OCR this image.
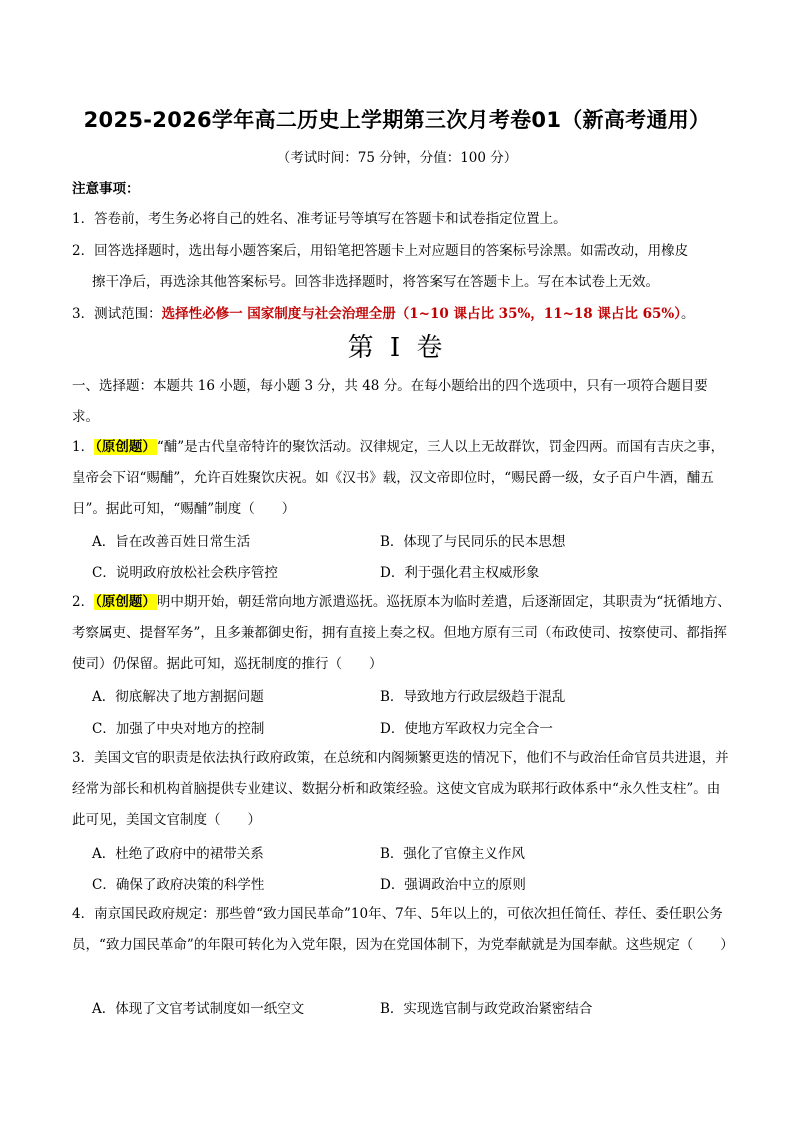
2025-2026学年高二历史上学期第三次月考卷01（新高考通用）
（考试时间：75 分钟，分值：100 分）
注意事项：
1．答卷前，考生务必将自己的姓名、准考证号等填写在答题卡和试卷指定位置上。
2．回答选择题时，选出每小题答案后，用铅笔把答题卡上对应题目的答案标号涂黑。如需改动，用橡皮
擦干净后，再选涂其他答案标号。回答非选择题时，将答案写在答题卡上。写在本试卷上无效。
3．测试范围：选择性必修一 国家制度与社会治理全册（1~10 课占比 35%，11~18 课占比 65%）。
第 I 卷
一、选择题：本题共 16 小题，每小题 3 分，共 48 分。在每小题给出的四个选项中，只有一项符合题目要
求。
1．（原创题）“酺”是古代皇帝特许的聚饮活动。汉律规定，三人以上无故群饮，罚金四两。而国有吉庆之事，皇帝会下诏“赐酺”，允许百姓聚饮庆祝。如《汉书》载，汉文帝即位时，“赐民爵一级，女子百户牛酒，酺五日”。据此可知，“赐酺”制度（　　）
A．旨在改善百姓日常生活	B．体现了与民同乐的民本思想
C．说明政府放松社会秩序管控	D．利于强化君主权威形象
2．（原创题）明中期开始，朝廷常向地方派遣巡抚。巡抚原本为临时差遣，后逐渐固定，其职责为“抚循地方、考察属吏、提督军务”，且多兼都御史衔，拥有直接上奏之权。但地方原有三司（布政使司、按察使司、都指挥使司）仍保留。据此可知，巡抚制度的推行（　　）
A．彻底解决了地方割据问题	B．导致地方行政层级趋于混乱
C．加强了中央对地方的控制	D．使地方军政权力完全合一
3．美国文官的职责是依法执行政府政策，在总统和内阁频繁更迭的情况下，他们不与政治任命官员共进退，并经常为部长和机构首脑提供专业建议、数据分析和政策经验。这使文官成为联邦行政体系中“永久性支柱”。由此可见，美国文官制度（　　）
A．杜绝了政府中的裙带关系	B．强化了官僚主义作风
C．确保了政府决策的科学性	D．强调政治中立的原则
4．南京国民政府规定：那些曾“致力国民革命”10年、7年、5年以上的，可依次担任简任、荐任、委任职公务员，“致力国民革命”的年限可转化为入党年限，因为在党国体制下，为党奉献就是为国奉献。这些规定（　　）
A．体现了文官考试制度如一纸空文	B．实现选官制与政党政治紧密结合
